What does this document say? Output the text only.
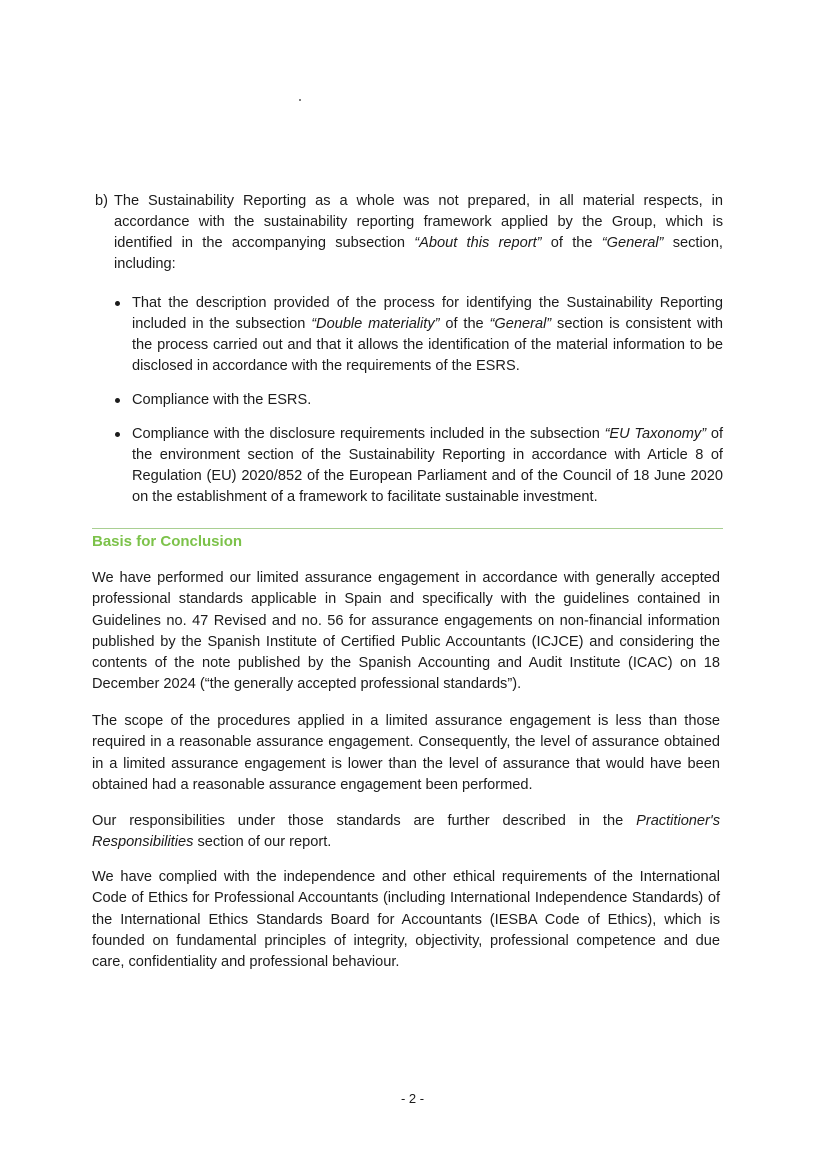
b) The Sustainability Reporting as a whole was not prepared, in all material respects, in accordance with the sustainability reporting framework applied by the Group, which is identified in the accompanying subsection “About this report” of the “General” section, including:

That the description provided of the process for identifying the Sustainability Reporting included in the subsection “Double materiality” of the “General” section is consistent with the process carried out and that it allows the identification of the material information to be disclosed in accordance with the requirements of the ESRS.
Compliance with the ESRS.
Compliance with the disclosure requirements included in the subsection “EU Taxonomy” of the environment section of the Sustainability Reporting in accordance with Article 8 of Regulation (EU) 2020/852 of the European Parliament and of the Council of 18 June 2020 on the establishment of a framework to facilitate sustainable investment.
Basis for Conclusion

We have performed our limited assurance engagement in accordance with generally accepted professional standards applicable in Spain and specifically with the guidelines contained in Guidelines no. 47 Revised and no. 56 for assurance engagements on non-financial information published by the Spanish Institute of Certified Public Accountants (ICJCE) and considering the contents of the note published by the Spanish Accounting and Audit Institute (ICAC) on 18 December 2024 (“the generally accepted professional standards”).

The scope of the procedures applied in a limited assurance engagement is less than those required in a reasonable assurance engagement. Consequently, the level of assurance obtained in a limited assurance engagement is lower than the level of assurance that would have been obtained had a reasonable assurance engagement been performed.

Our responsibilities under those standards are further described in the Practitioner's Responsibilities section of our report.

We have complied with the independence and other ethical requirements of the International Code of Ethics for Professional Accountants (including International Independence Standards) of the International Ethics Standards Board for Accountants (IESBA Code of Ethics), which is founded on fundamental principles of integrity, objectivity, professional competence and due care, confidentiality and professional behaviour.

- 2 -
